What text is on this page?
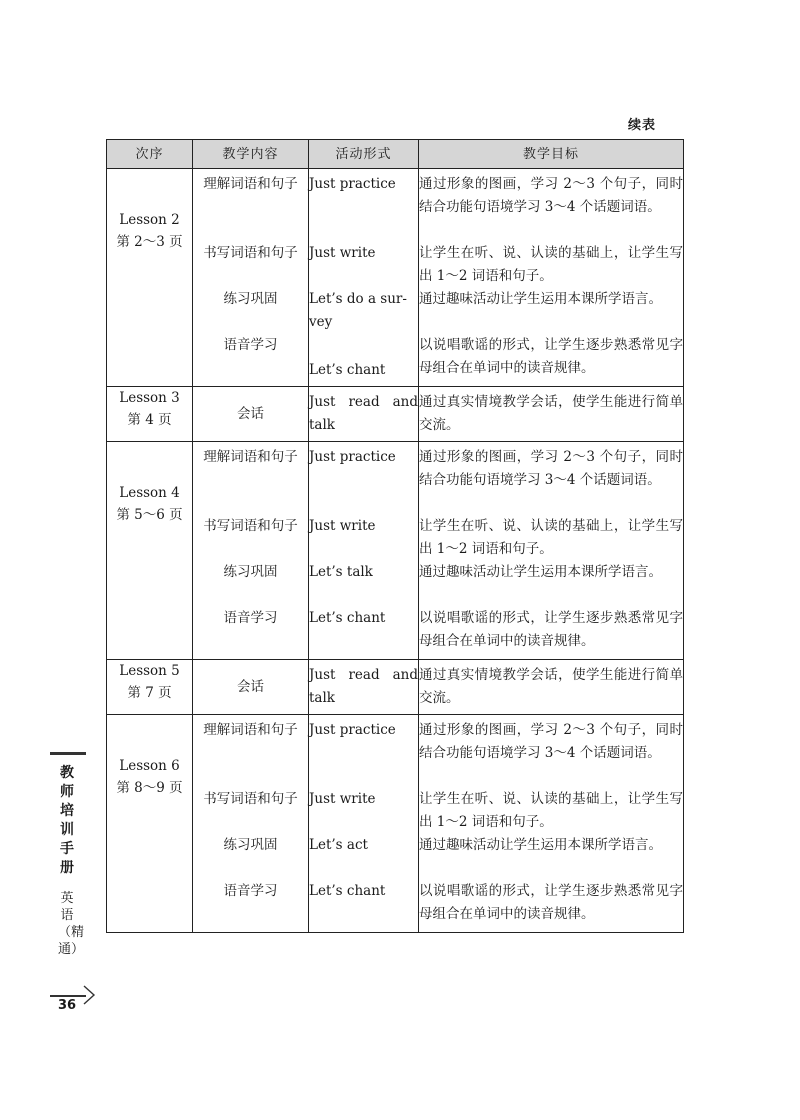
续表
次序	教学内容	活动形式	教学目标

Lesson 2
第 2～3 页	理解词语和句子	Just practice	通过形象的图画，学习 2～3 个句子，同时结合功能句语境学习 3～4 个话题词语。
	书写词语和句子	Just write	让学生在听、说、认读的基础上，让学生写出 1～2 词语和句子。
	练习巩固	Let’s do a sur-vey	通过趣味活动让学生运用本课所学语言。
	语音学习	Let’s chant	以说唱歌谣的形式，让学生逐步熟悉常见字母组合在单词中的读音规律。

Lesson 3
第 4 页	会话	Just read and talk	通过真实情境教学会话，使学生能进行简单交流。

Lesson 4
第 5～6 页	理解词语和句子	Just practice	通过形象的图画，学习 2～3 个句子，同时结合功能句语境学习 3～4 个话题词语。
	书写词语和句子	Just write	让学生在听、说、认读的基础上，让学生写出 1～2 词语和句子。
	练习巩固	Let’s talk	通过趣味活动让学生运用本课所学语言。
	语音学习	Let’s chant	以说唱歌谣的形式，让学生逐步熟悉常见字母组合在单词中的读音规律。

Lesson 5
第 7 页	会话	Just read and talk	通过真实情境教学会话，使学生能进行简单交流。

Lesson 6
第 8～9 页	理解词语和句子	Just practice	通过形象的图画，学习 2～3 个句子，同时结合功能句语境学习 3～4 个话题词语。
	书写词语和句子	Just write	让学生在听、说、认读的基础上，让学生写出 1～2 词语和句子。
	练习巩固	Let’s act	通过趣味活动让学生运用本课所学语言。
	语音学习	Let’s chant	以说唱歌谣的形式，让学生逐步熟悉常见字母组合在单词中的读音规律。
教师培训手册
英语（精通）
36
